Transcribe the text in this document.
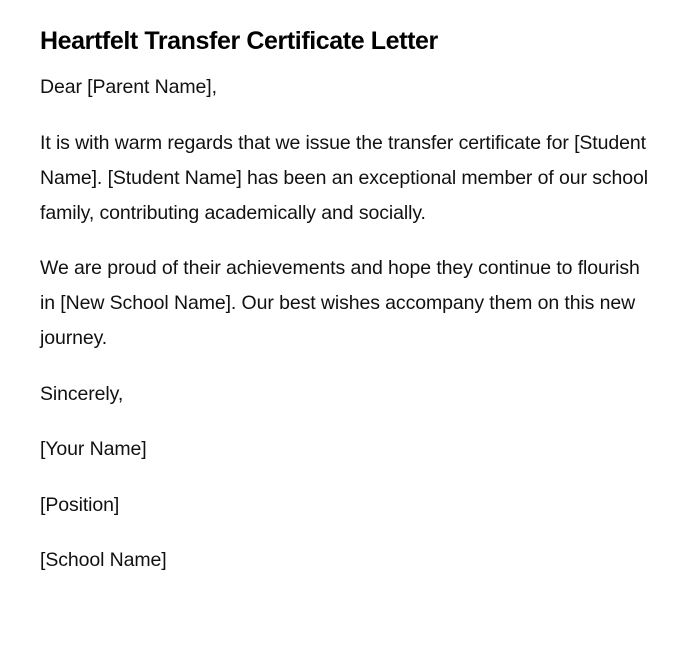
Heartfelt Transfer Certificate Letter

Dear [Parent Name],

It is with warm regards that we issue the transfer certificate for [Student Name]. [Student Name] has been an exceptional member of our school family, contributing academically and socially.

We are proud of their achievements and hope they continue to flourish in [New School Name]. Our best wishes accompany them on this new journey.

Sincerely,

[Your Name]

[Position]

[School Name]
